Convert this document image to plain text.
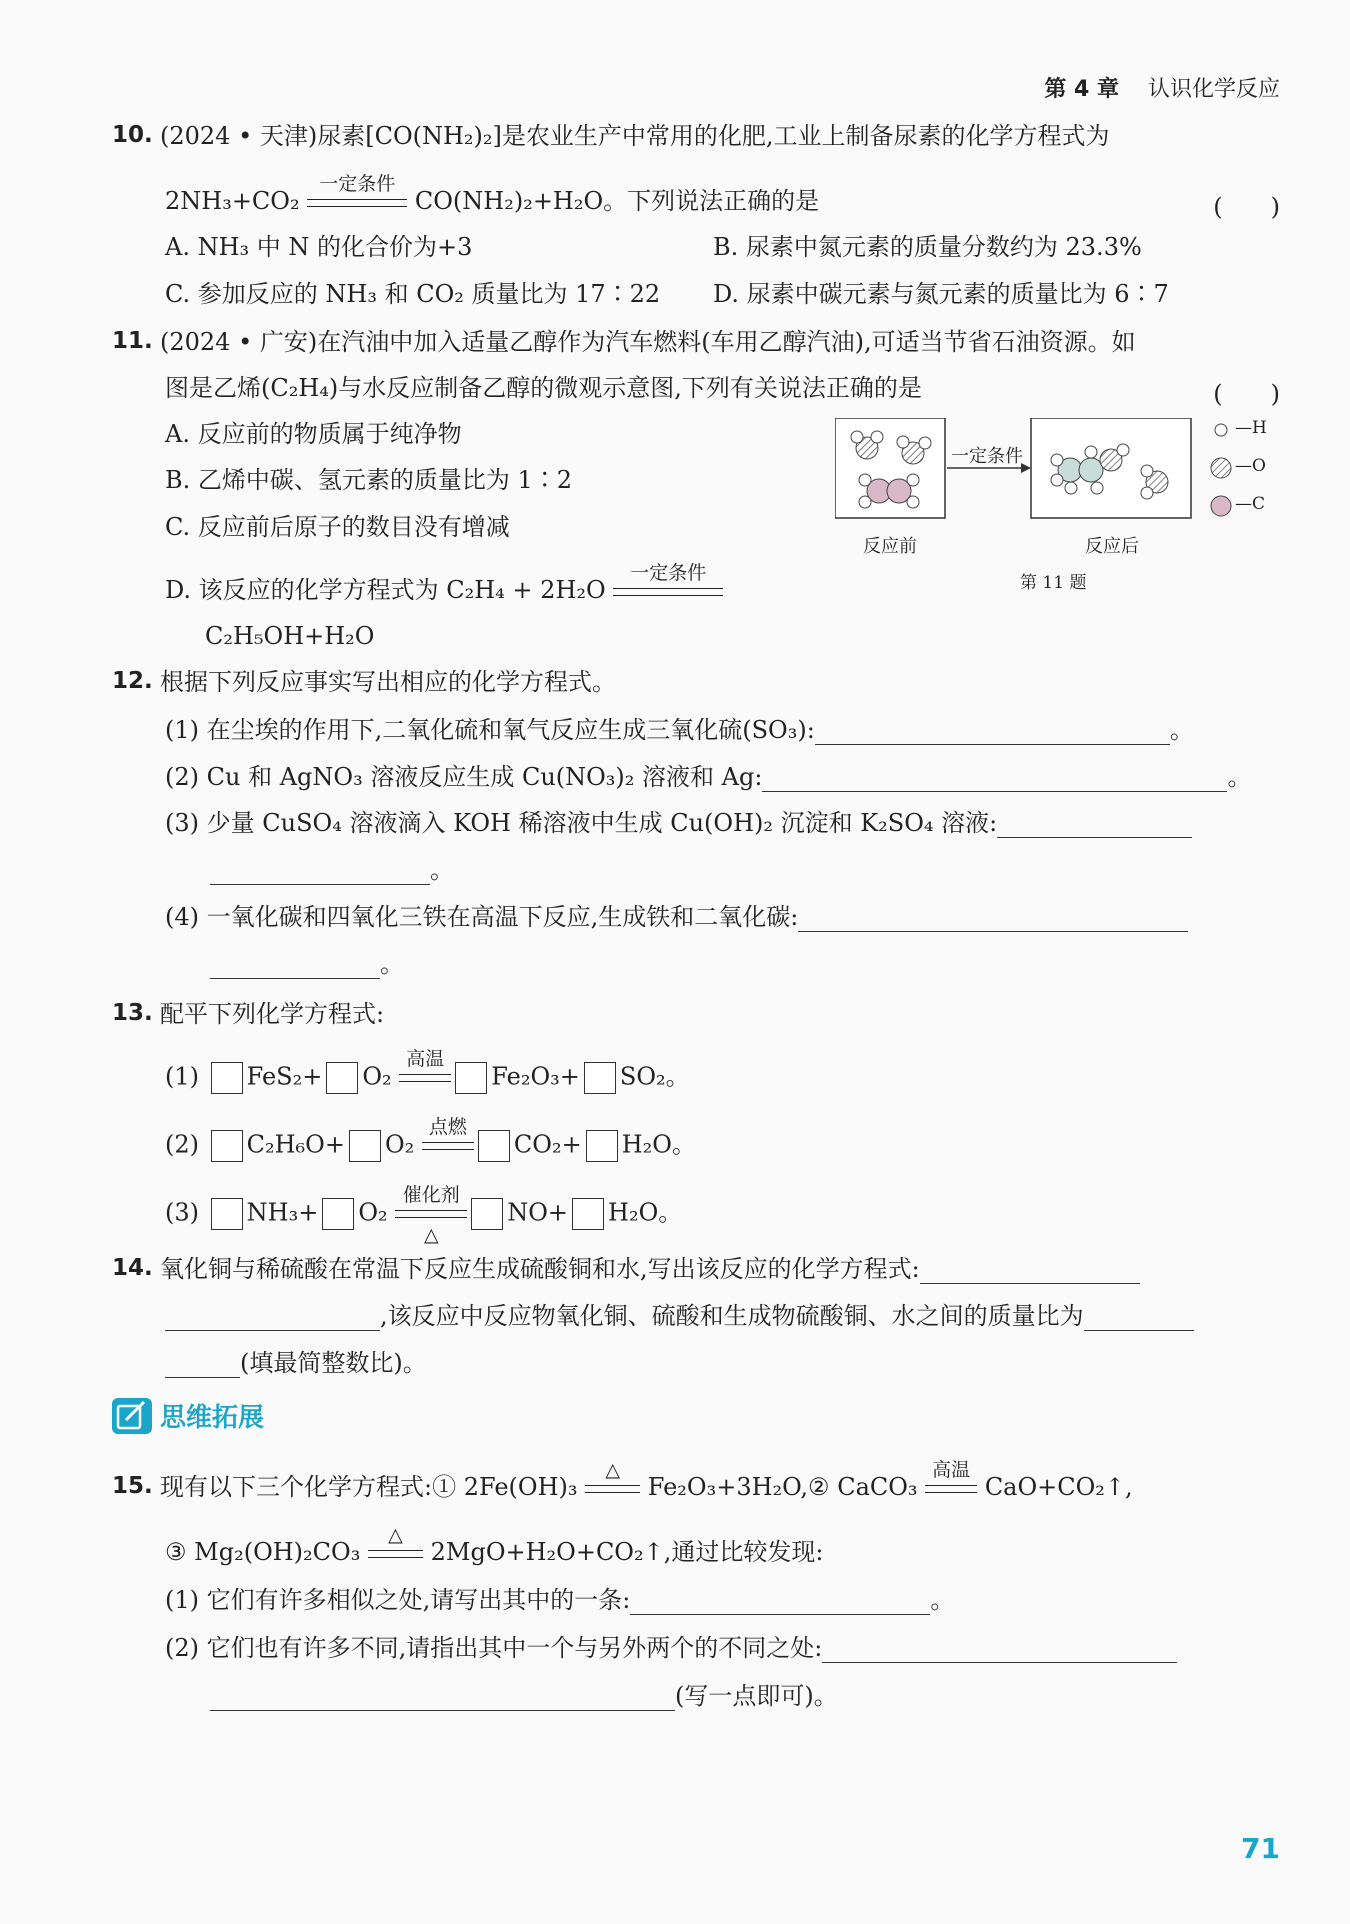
第 4 章 认识化学反应
10. (2024 • 天津)尿素[CO(NH₂)₂]是农业生产中常用的化肥,工业上制备尿素的化学方程式为
2NH₃+CO₂
一定条件
CO(NH₂)₂+H₂O。下列说法正确的是	(　　)
A. NH₃ 中 N 的化合价为+3	B. 尿素中氮元素的质量分数约为 23.3%
C. 参加反应的 NH₃ 和 CO₂ 质量比为 17∶22 D. 尿素中碳元素与氮元素的质量比为 6∶7
11. (2024 • 广安)在汽油中加入适量乙醇作为汽车燃料(车用乙醇汽油),可适当节省石油资源。如
图是乙烯(C₂H₄)与水反应制备乙醇的微观示意图,下列有关说法正确的是	(　　)
A. 反应前的物质属于纯净物
B. 乙烯中碳、氢元素的质量比为 1∶2
C. 反应前后原子的数目没有增减
D. 该反应的化学方程式为 C₂H₄ + 2H₂O
一定条件
C₂H₅OH+H₂O
一定条件
反应前	反应后
第 11 题
—H
—O
—C
12. 根据下列反应事实写出相应的化学方程式。
(1) 在尘埃的作用下,二氧化硫和氧气反应生成三氧化硫(SO₃):	。
(2) Cu 和 AgNO₃ 溶液反应生成 Cu(NO₃)₂ 溶液和 Ag:	。
(3) 少量 CuSO₄ 溶液滴入 KOH 稀溶液中生成 Cu(OH)₂ 沉淀和 K₂SO₄ 溶液:
。
(4) 一氧化碳和四氧化三铁在高温下反应,生成铁和二氧化碳:
。
13. 配平下列化学方程式:
(1) FeS₂+ O₂
高温
Fe₂O₃+ SO₂。
(2) C₂H₆O+ O₂
点燃
CO₂+ H₂O。
(3) NH₃+ O₂
催化剂
△
NO+ H₂O。
14. 氧化铜与稀硫酸在常温下反应生成硫酸铜和水,写出该反应的化学方程式:
,该反应中反应物氧化铜、硫酸和生成物硫酸铜、水之间的质量比为
(填最简整数比)。
思维拓展
15. 现有以下三个化学方程式:① 2Fe(OH)₃
△
Fe₂O₃+3H₂O,② CaCO₃
高温
CaO+CO₂↑,
③ Mg₂(OH)₂CO₃
△
2MgO+H₂O+CO₂↑,通过比较发现:
(1) 它们有许多相似之处,请写出其中的一条:	。
(2) 它们也有许多不同,请指出其中一个与另外两个的不同之处:
(写一点即可)。
71
